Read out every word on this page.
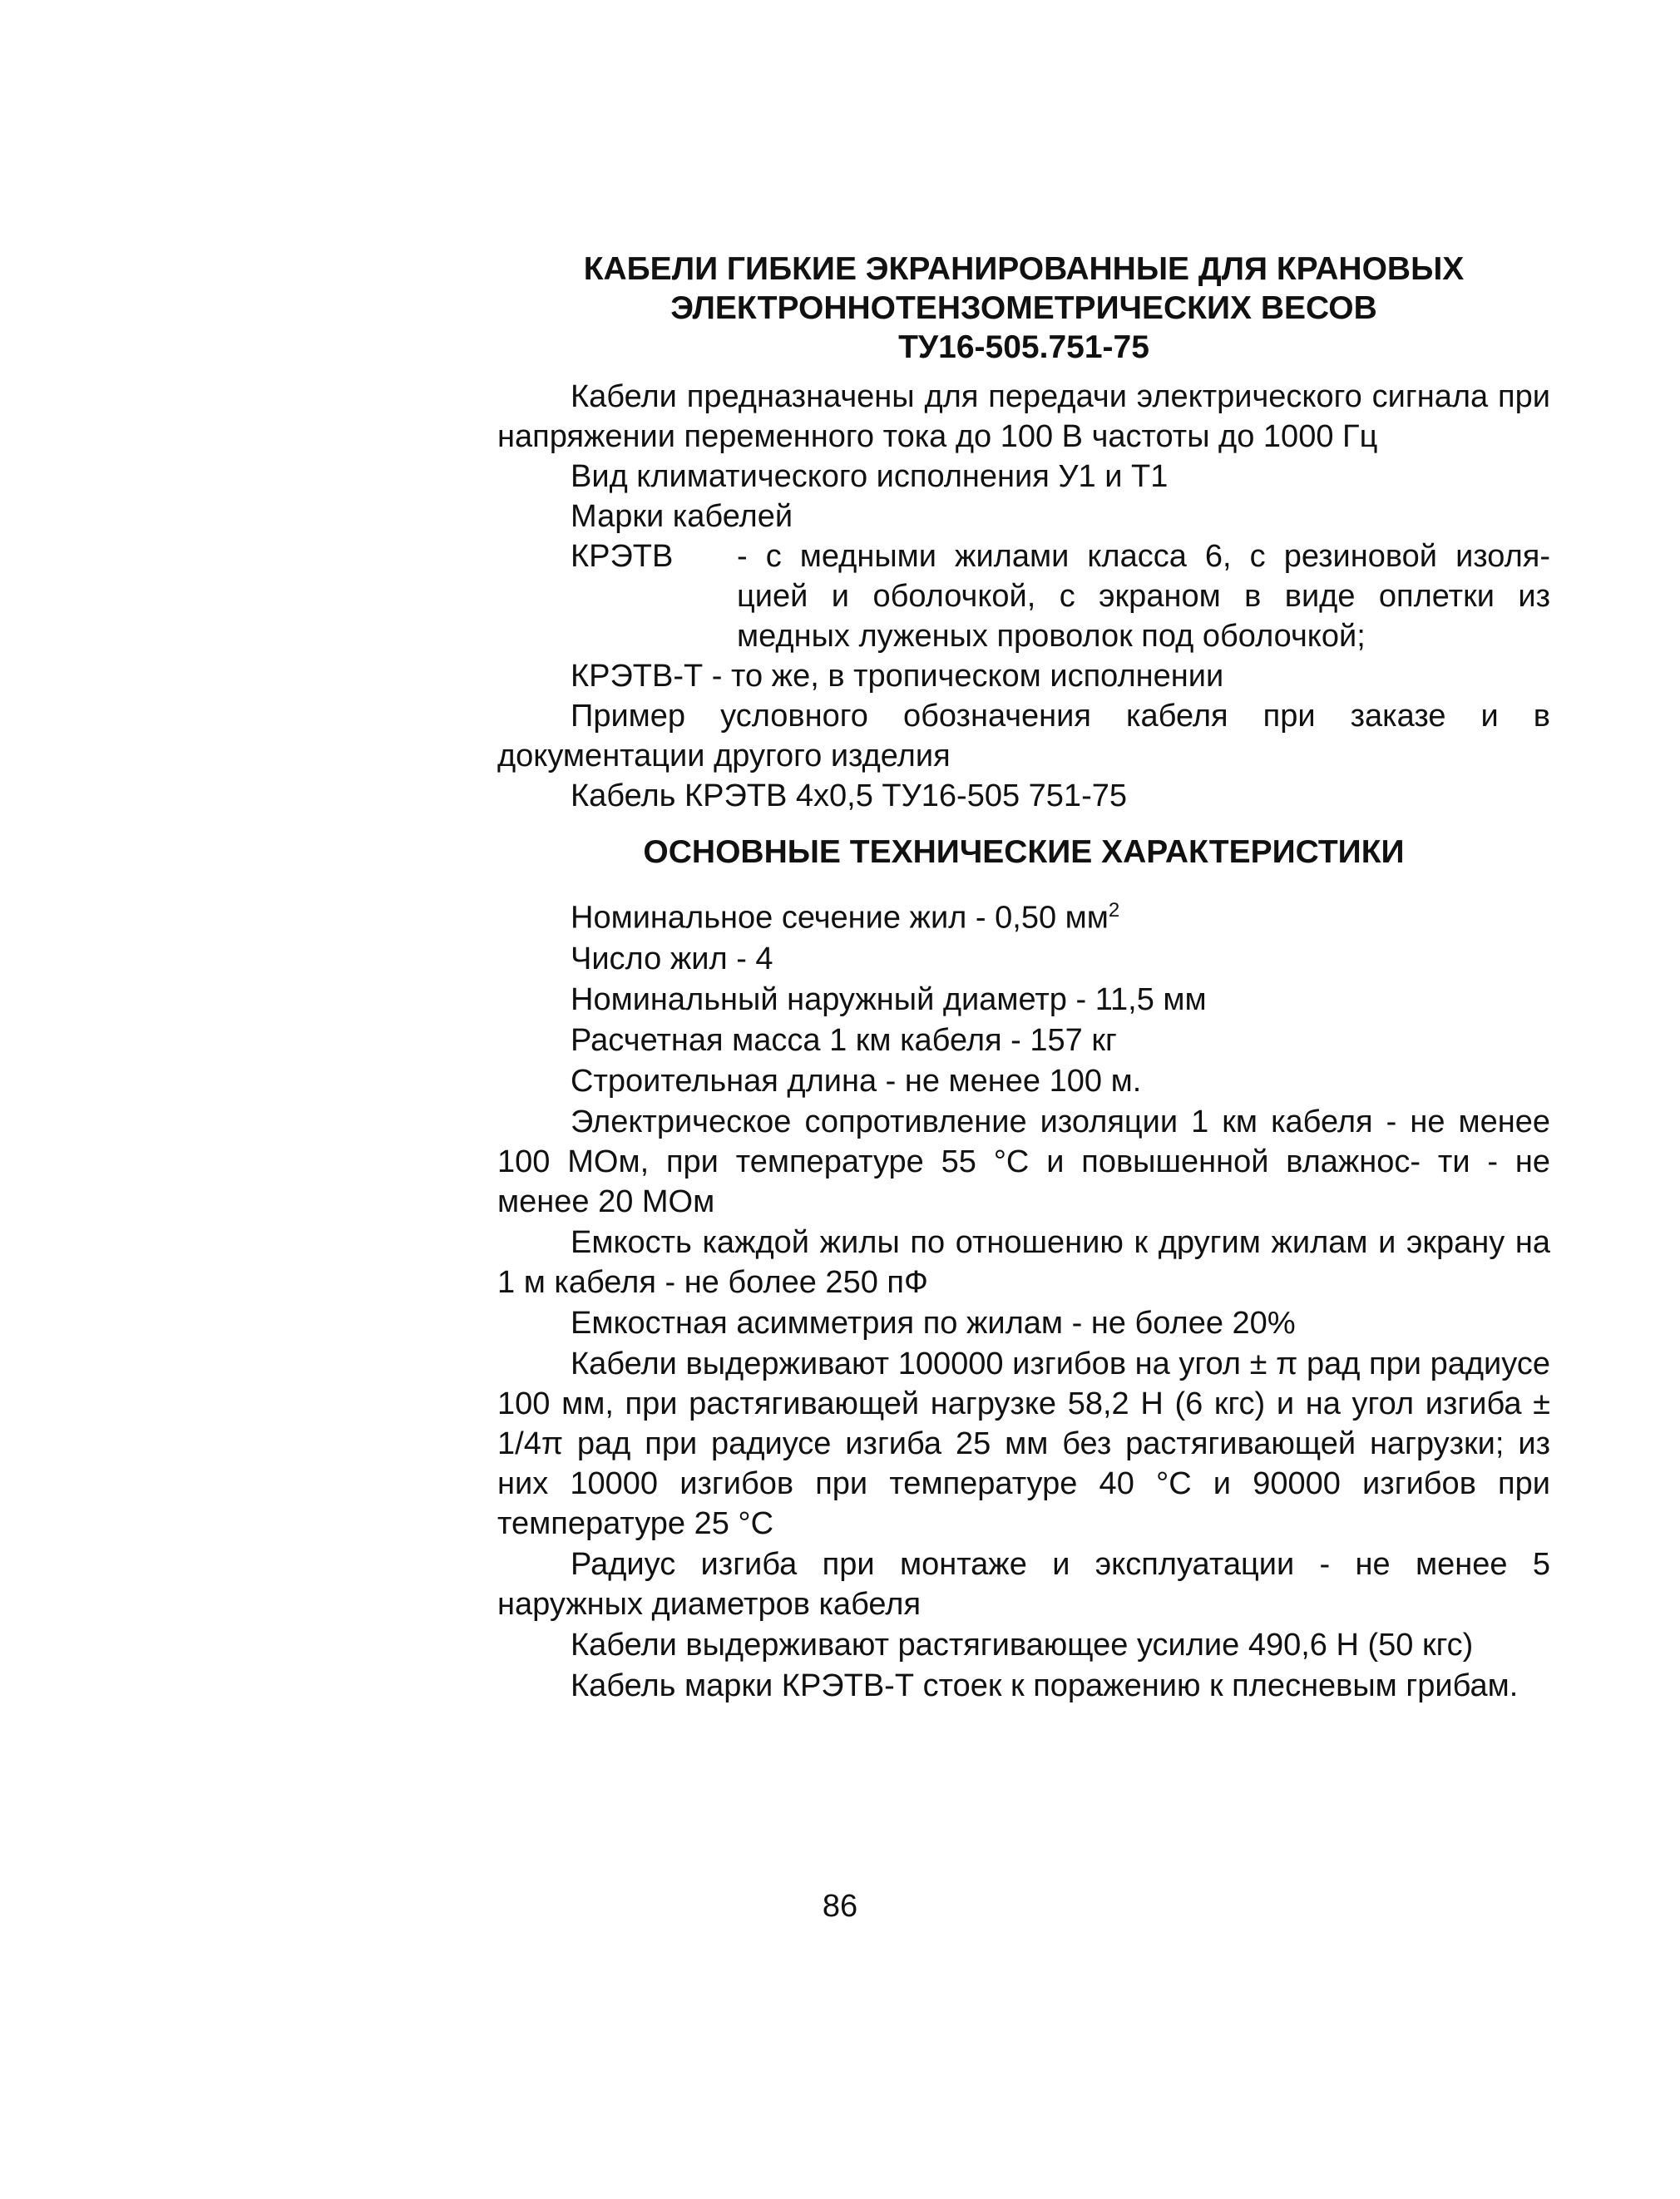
КАБЕЛИ ГИБКИЕ ЭКРАНИРОВАННЫЕ ДЛЯ КРАНОВЫХ
ЭЛЕКТРОННОТЕНЗОМЕТРИЧЕСКИХ ВЕСОВ
ТУ16-505.751-75

Кабели предназначены для передачи электрического сигнала при напряжении переменного тока до 100 В частоты до 1000 Гц

Вид климатического исполнения У1 и Т1

Марки кабелей

КРЭТВ	- с медными жилами класса 6, с резиновой изоля- цией и оболочкой, с экраном в виде оплетки из медных луженых проволок под оболочкой;

КРЭТВ-Т - то же, в тропическом исполнении

Пример условного обозначения кабеля при заказе и в документации другого изделия

Кабель КРЭТВ 4х0,5 ТУ16-505 751-75

ОСНОВНЫЕ ТЕХНИЧЕСКИЕ ХАРАКТЕРИСТИКИ

Номинальное сечение жил - 0,50 $мм^2$

Число жил - 4

Номинальный наружный диаметр - 11,5 мм

Расчетная масса 1 км кабеля - 157 кг

Строительная длина - не менее 100 м.

Электрическое сопротивление изоляции 1 км кабеля - не менее 100 МОм, при температуре 55 °С и повышенной влажнос- ти - не менее 20 МОм

Емкость каждой жилы по отношению к другим жилам и экрану на 1 м кабеля - не более 250 пФ

Емкостная асимметрия по жилам - не более 20%

Кабели выдерживают 100000 изгибов на угол ± π рад при радиусе 100 мм, при растягивающей нагрузке 58,2 Н (6 кгс) и на угол изгиба ± 1/4π рад при радиусе изгиба 25 мм без растягивающей нагрузки; из них 10000 изгибов при температуре 40 °С и 90000 изгибов при температуре 25 °С

Радиус изгиба при монтаже и эксплуатации - не менее 5 наружных диаметров кабеля

Кабели выдерживают растягивающее усилие 490,6 Н (50 кгс)

Кабель марки КРЭТВ-Т стоек к поражению к плесневым грибам.

86
